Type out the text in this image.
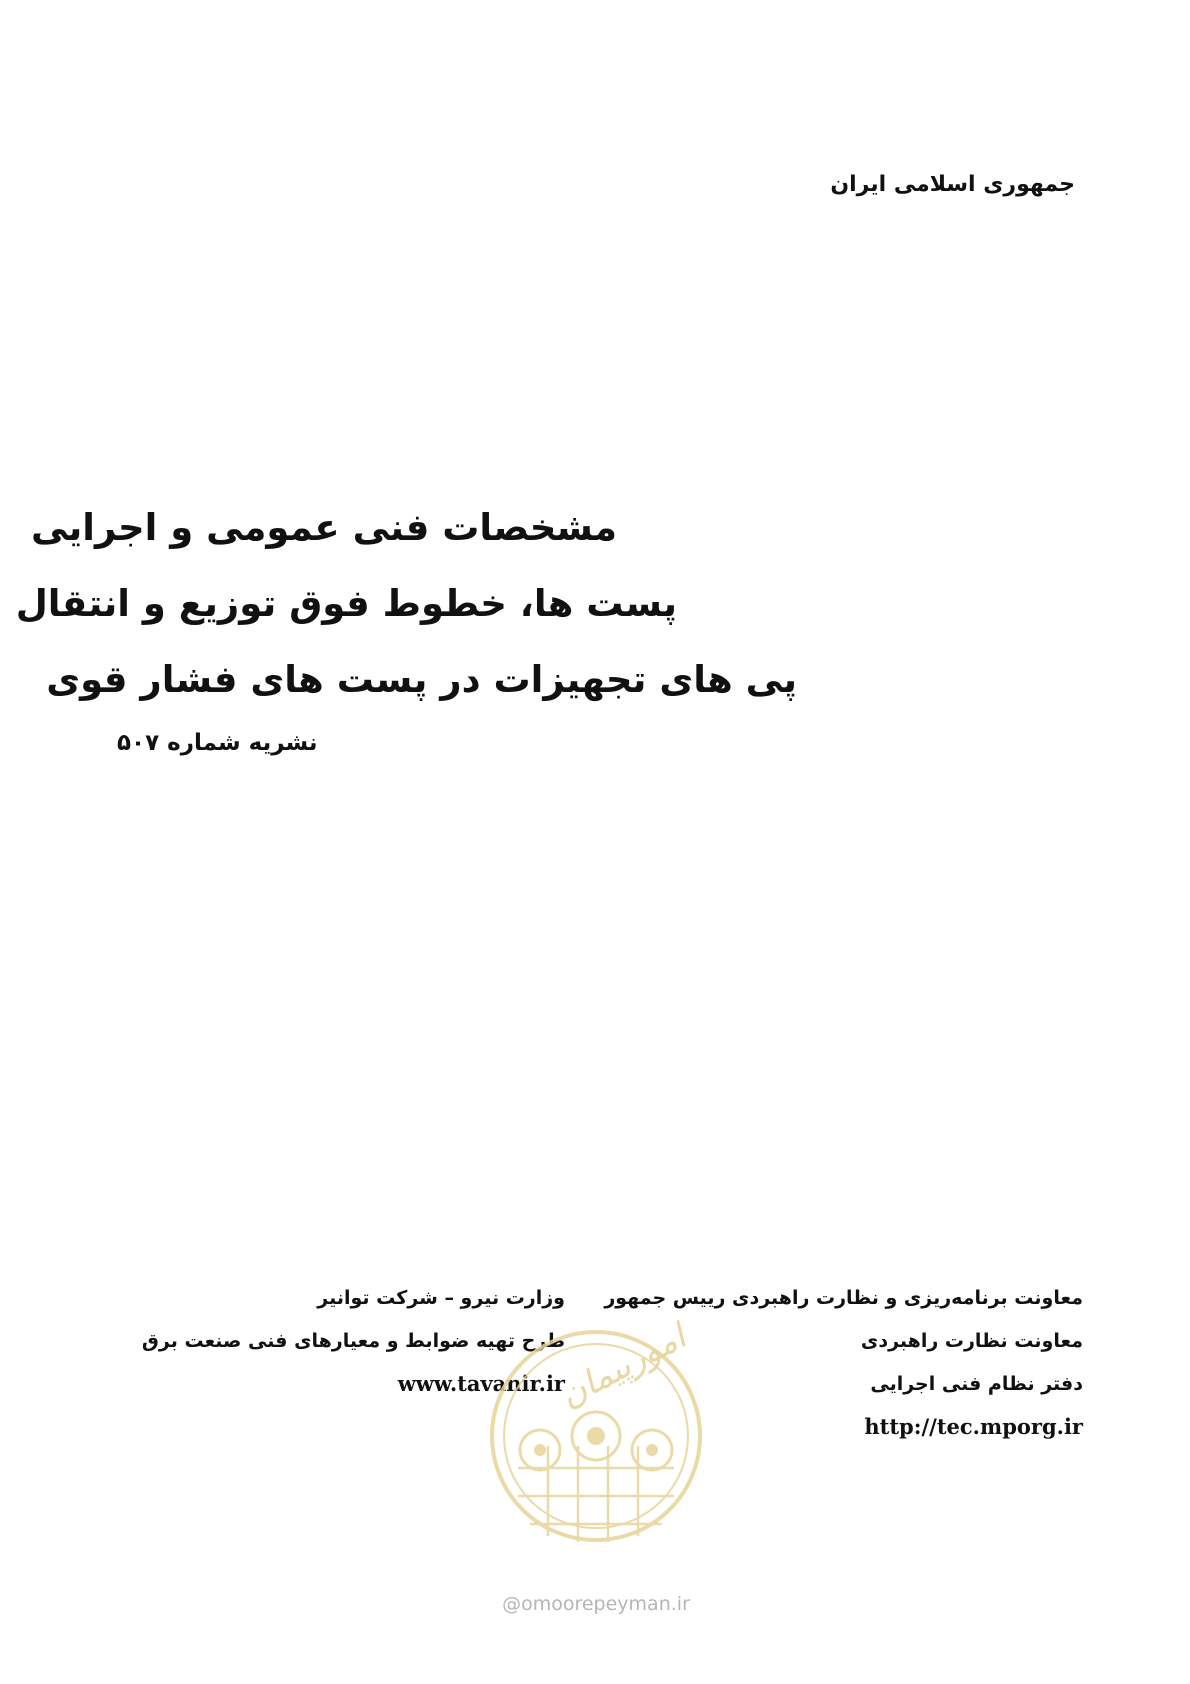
جمهوری اسلامی ایران
مشخصات فنی عمومی و اجرایی
پست ها، خطوط فوق توزیع و انتقال
پی های تجهیزات در پست های فشار قوی
نشریه شماره ۵۰۷
معاونت برنامه‌ریزی و نظارت راهبردی رییس جمهور
معاونت نظارت راهبردی
دفتر نظام فنی اجرایی
http://tec.mporg.ir
وزارت نیرو – شرکت توانیر
طرح تهیه ضوابط و معیارهای فنی صنعت برق
www.tavanir.ir
امورپیمان
@omoorepeyman.ir
